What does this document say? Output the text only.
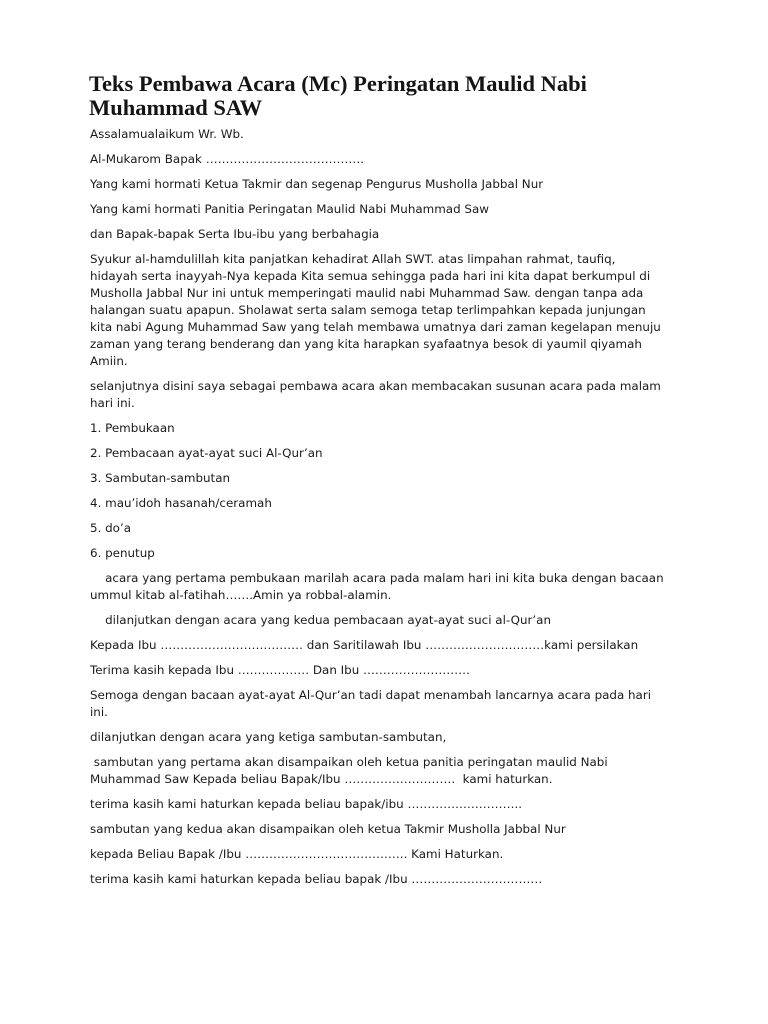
Teks Pembawa Acara (Mc) Peringatan Maulid Nabi Muhammad SAW

Assalamualaikum Wr. Wb.

Al-Mukarom Bapak ………………………………….

Yang kami hormati Ketua Takmir dan segenap Pengurus Musholla Jabbal Nur

Yang kami hormati Panitia Peringatan Maulid Nabi Muhammad Saw

dan Bapak-bapak Serta Ibu-ibu yang berbahagia

Syukur al-hamdulillah kita panjatkan kehadirat Allah SWT. atas limpahan rahmat, taufiq,
hidayah serta inayyah-Nya kepada Kita semua sehingga pada hari ini kita dapat berkumpul di
Musholla Jabbal Nur ini untuk memperingati maulid nabi Muhammad Saw. dengan tanpa ada
halangan suatu apapun. Sholawat serta salam semoga tetap terlimpahkan kepada junjungan
kita nabi Agung Muhammad Saw yang telah membawa umatnya dari zaman kegelapan menuju
zaman yang terang benderang dan yang kita harapkan syafaatnya besok di yaumil qiyamah
Amiin.

selanjutnya disini saya sebagai pembawa acara akan membacakan susunan acara pada malam
hari ini.

1. Pembukaan

2. Pembacaan ayat-ayat suci Al-Qur’an

3. Sambutan-sambutan

4. mau’idoh hasanah/ceramah

5. do’a

6. penutup

acara yang pertama pembukaan marilah acara pada malam hari ini kita buka dengan bacaan
ummul kitab al-fatihah…….Amin ya robbal-alamin.

dilanjutkan dengan acara yang kedua pembacaan ayat-ayat suci al-Qur’an

Kepada Ibu ……………………………… dan Saritilawah Ibu …………………………kami persilakan

Terima kasih kepada Ibu ……………… Dan Ibu ………………………

Semoga dengan bacaan ayat-ayat Al-Qur’an tadi dapat menambah lancarnya acara pada hari
ini.

dilanjutkan dengan acara yang ketiga sambutan-sambutan,

sambutan yang pertama akan disampaikan oleh ketua panitia peringatan maulid Nabi
Muhammad Saw Kepada beliau Bapak/Ibu ……………………….  kami haturkan.

terima kasih kami haturkan kepada beliau bapak/ibu ………………………..

sambutan yang kedua akan disampaikan oleh ketua Takmir Musholla Jabbal Nur

kepada Beliau Bapak /Ibu ………………………………….. Kami Haturkan.

terima kasih kami haturkan kepada beliau bapak /Ibu ……………………………
